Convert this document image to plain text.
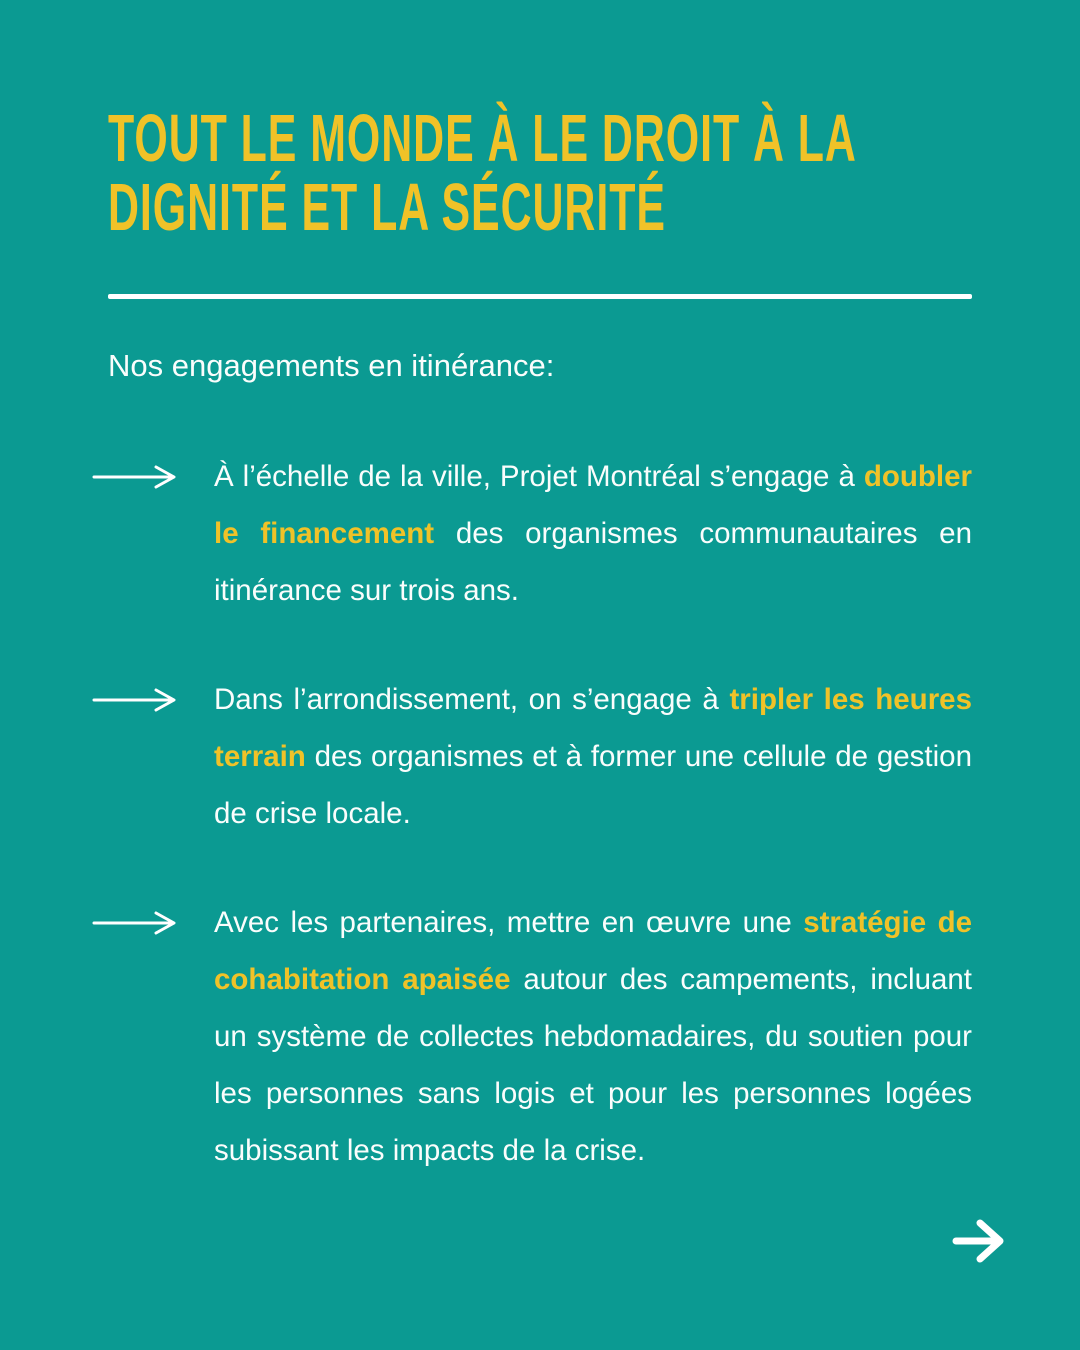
TOUT LE MONDE À LE DROIT À LA
DIGNITÉ ET LA SÉCURITÉ

Nos engagements en itinérance:

À l’échelle de la ville, Projet Montréal s’engage à doubler le financement des organismes communautaires en itinérance sur trois ans.

Dans l’arrondissement, on s’engage à tripler les heures terrain des organismes et à former une cellule de gestion de crise locale.

Avec les partenaires, mettre en œuvre une stratégie de cohabitation apaisée autour des campements, incluant un système de collectes hebdomadaires, du soutien pour les personnes sans logis et pour les personnes logées subissant les impacts de la crise.
